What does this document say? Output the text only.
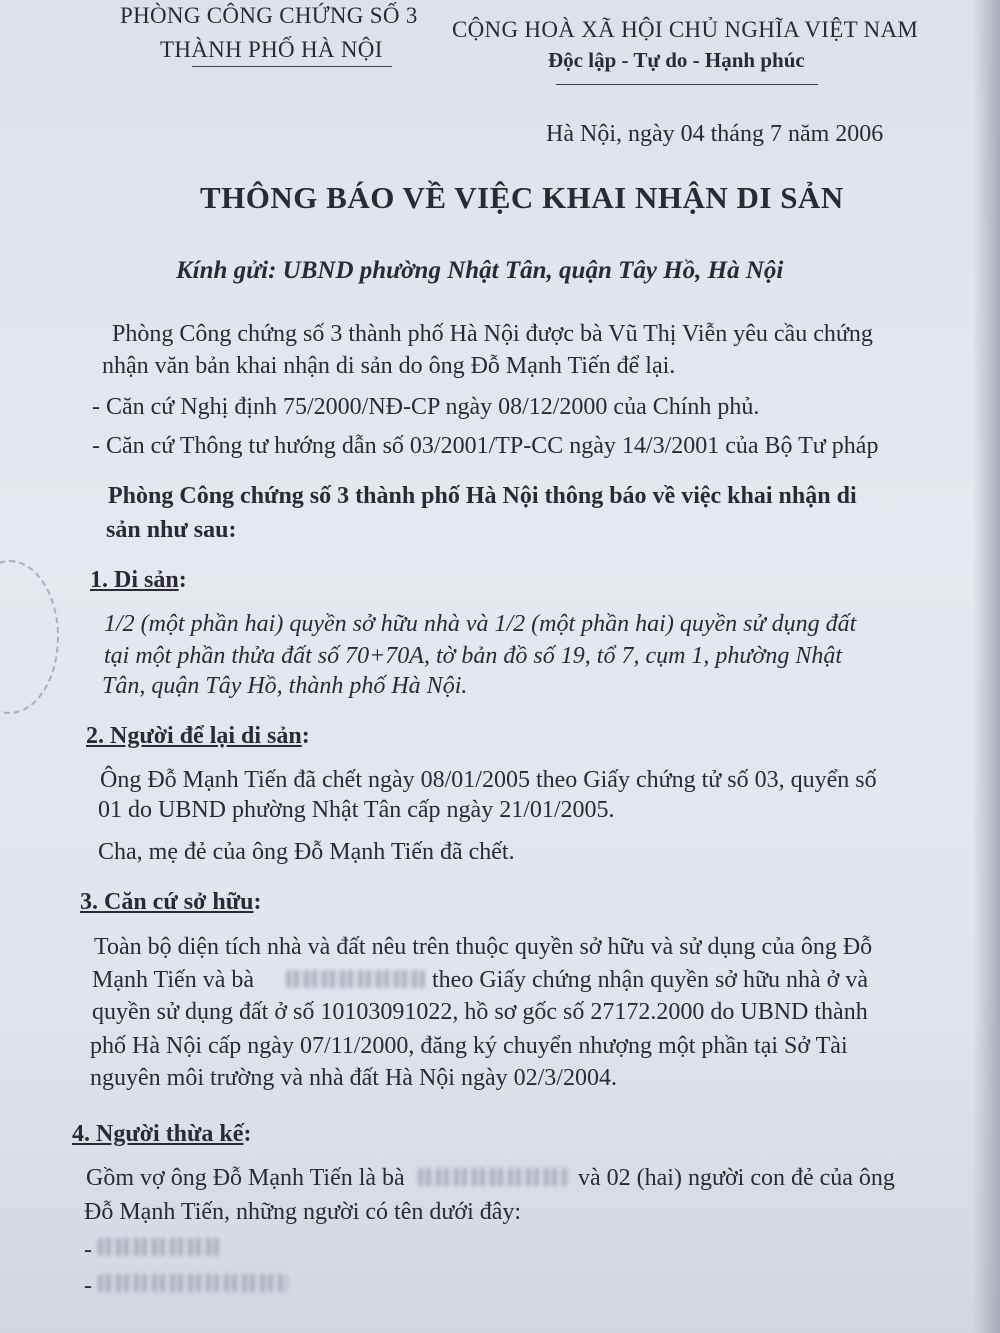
PHÒNG CÔNG CHỨNG SỐ 3
THÀNH PHỐ HÀ NỘI
CỘNG HOÀ XÃ HỘI CHỦ NGHĨA VIỆT NAM
Độc lập - Tự do - Hạnh phúc
Hà Nội, ngày 04 tháng 7 năm 2006
THÔNG BÁO VỀ VIỆC KHAI NHẬN DI SẢN
Kính gửi: UBND phường Nhật Tân, quận Tây Hồ, Hà Nội
Phòng Công chứng số 3 thành phố Hà Nội được bà Vũ Thị Viễn yêu cầu chứng
nhận văn bản khai nhận di sản do ông Đỗ Mạnh Tiến để lại.
- Căn cứ Nghị định 75/2000/NĐ-CP ngày 08/12/2000 của Chính phủ.
- Căn cứ Thông tư hướng dẫn số 03/2001/TP-CC ngày 14/3/2001 của Bộ Tư pháp
Phòng Công chứng số 3 thành phố Hà Nội thông báo về việc khai nhận di
sản như sau:
1. Di sản:
1/2 (một phần hai) quyền sở hữu nhà và 1/2 (một phần hai) quyền sử dụng đất
tại một phần thửa đất số 70+70A, tờ bản đồ số 19, tổ 7, cụm 1, phường Nhật
Tân, quận Tây Hồ, thành phố Hà Nội.
2. Người để lại di sản:
Ông Đỗ Mạnh Tiến đã chết ngày 08/01/2005 theo Giấy chứng tử số 03, quyển số
01 do UBND phường Nhật Tân cấp ngày 21/01/2005.
Cha, mẹ đẻ của ông Đỗ Mạnh Tiến đã chết.
3. Căn cứ sở hữu:
Toàn bộ diện tích nhà và đất nêu trên thuộc quyền sở hữu và sử dụng của ông Đỗ
Mạnh Tiến và bà	theo Giấy chứng nhận quyền sở hữu nhà ở và
quyền sử dụng đất ở số 10103091022, hồ sơ gốc số 27172.2000 do UBND thành
phố Hà Nội cấp ngày 07/11/2000, đăng ký chuyển nhượng một phần tại Sở Tài
nguyên môi trường và nhà đất Hà Nội ngày 02/3/2004.
4. Người thừa kế:
Gồm vợ ông Đỗ Mạnh Tiến là bà	và 02 (hai) người con đẻ của ông
Đỗ Mạnh Tiến, những người có tên dưới đây:
-
-
